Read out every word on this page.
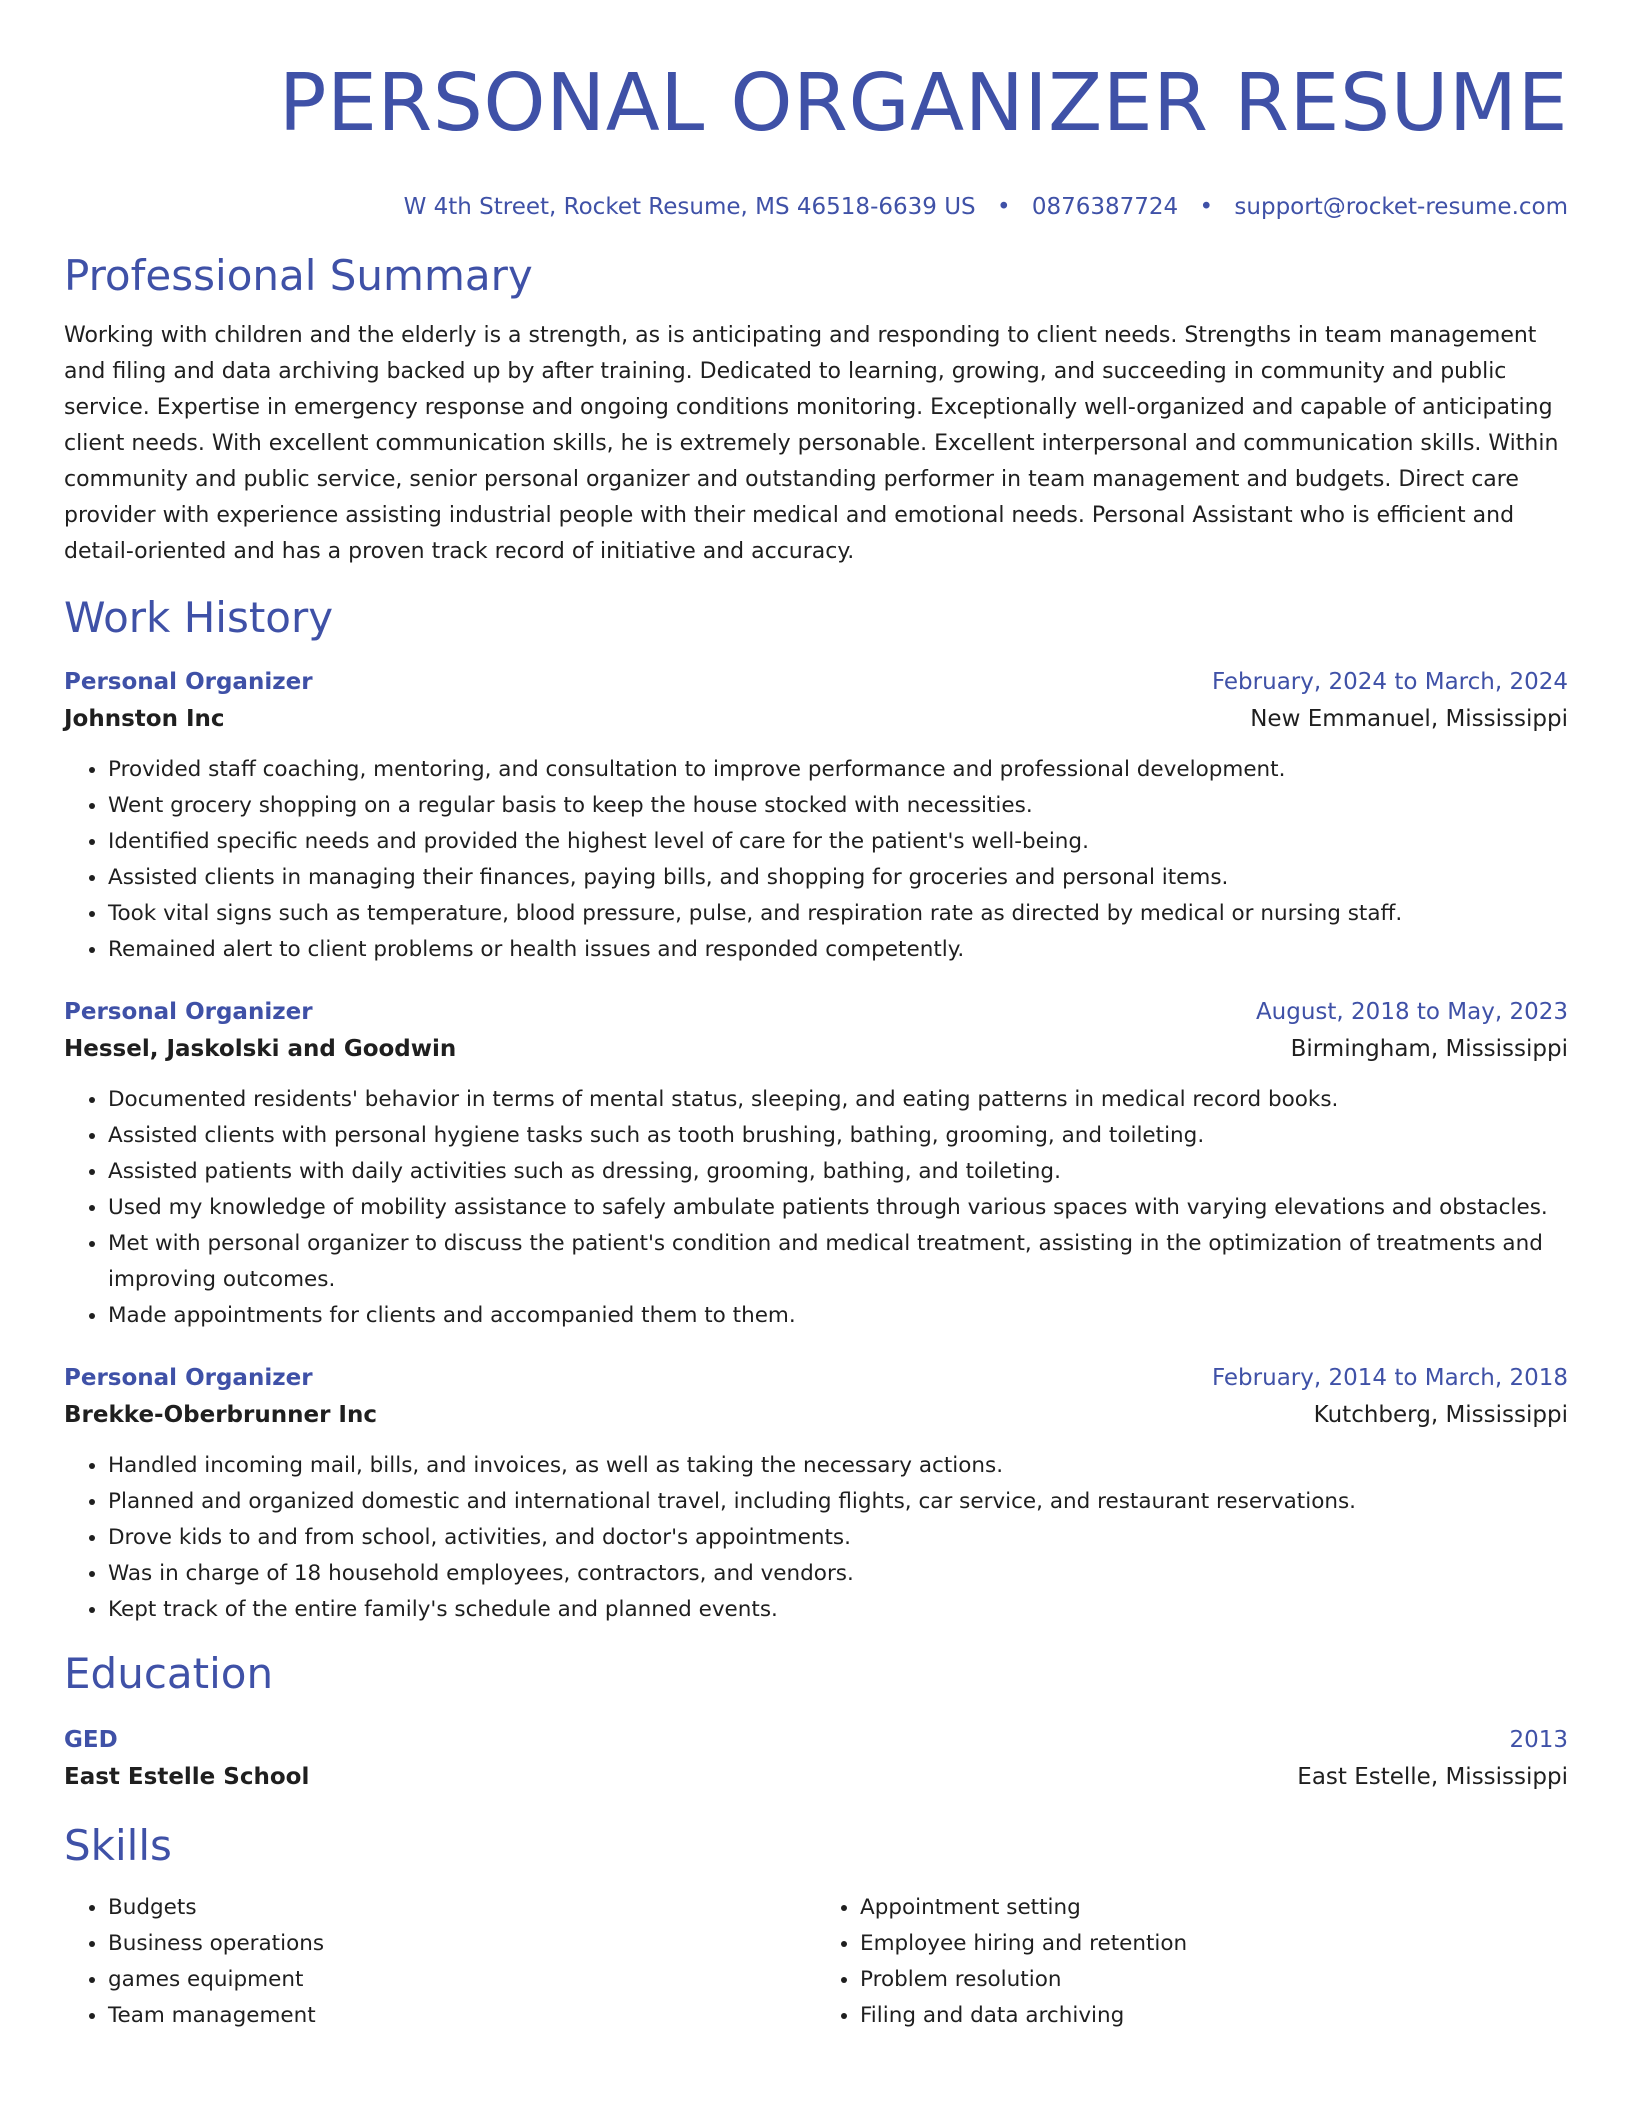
PERSONAL ORGANIZER RESUME
W 4th Street, Rocket Resume, MS 46518-6639 US • 0876387724 • support@rocket-resume.com
Professional Summary

Working with children and the elderly is a strength, as is anticipating and responding to client needs. Strengths in team management and filing and data archiving backed up by after training. Dedicated to learning, growing, and succeeding in community and public service. Expertise in emergency response and ongoing conditions monitoring. Exceptionally well-organized and capable of anticipating client needs. With excellent communication skills, he is extremely personable. Excellent interpersonal and communication skills. Within community and public service, senior personal organizer and outstanding performer in team management and budgets. Direct care provider with experience assisting industrial people with their medical and emotional needs. Personal Assistant who is efficient and detail-oriented and has a proven track record of initiative and accuracy.

Work History
Personal Organizer	February, 2024 to March, 2024
Johnston Inc	New Emmanuel, Mississippi
• Provided staff coaching, mentoring, and consultation to improve performance and professional development.
• Went grocery shopping on a regular basis to keep the house stocked with necessities.
• Identified specific needs and provided the highest level of care for the patient's well-being.
• Assisted clients in managing their finances, paying bills, and shopping for groceries and personal items.
• Took vital signs such as temperature, blood pressure, pulse, and respiration rate as directed by medical or nursing staff.
• Remained alert to client problems or health issues and responded competently.
Personal Organizer	August, 2018 to May, 2023
Hessel, Jaskolski and Goodwin	Birmingham, Mississippi
• Documented residents' behavior in terms of mental status, sleeping, and eating patterns in medical record books.
• Assisted clients with personal hygiene tasks such as tooth brushing, bathing, grooming, and toileting.
• Assisted patients with daily activities such as dressing, grooming, bathing, and toileting.
• Used my knowledge of mobility assistance to safely ambulate patients through various spaces with varying elevations and obstacles.
• Met with personal organizer to discuss the patient's condition and medical treatment, assisting in the optimization of treatments and improving outcomes.
• Made appointments for clients and accompanied them to them.
Personal Organizer	February, 2014 to March, 2018
Brekke-Oberbrunner Inc	Kutchberg, Mississippi
• Handled incoming mail, bills, and invoices, as well as taking the necessary actions.
• Planned and organized domestic and international travel, including flights, car service, and restaurant reservations.
• Drove kids to and from school, activities, and doctor's appointments.
• Was in charge of 18 household employees, contractors, and vendors.
• Kept track of the entire family's schedule and planned events.
Education
GED	2013
East Estelle School	East Estelle, Mississippi
Skills
• Budgets
• Business operations
• games equipment
• Team management
• Appointment setting
• Employee hiring and retention
• Problem resolution
• Filing and data archiving
